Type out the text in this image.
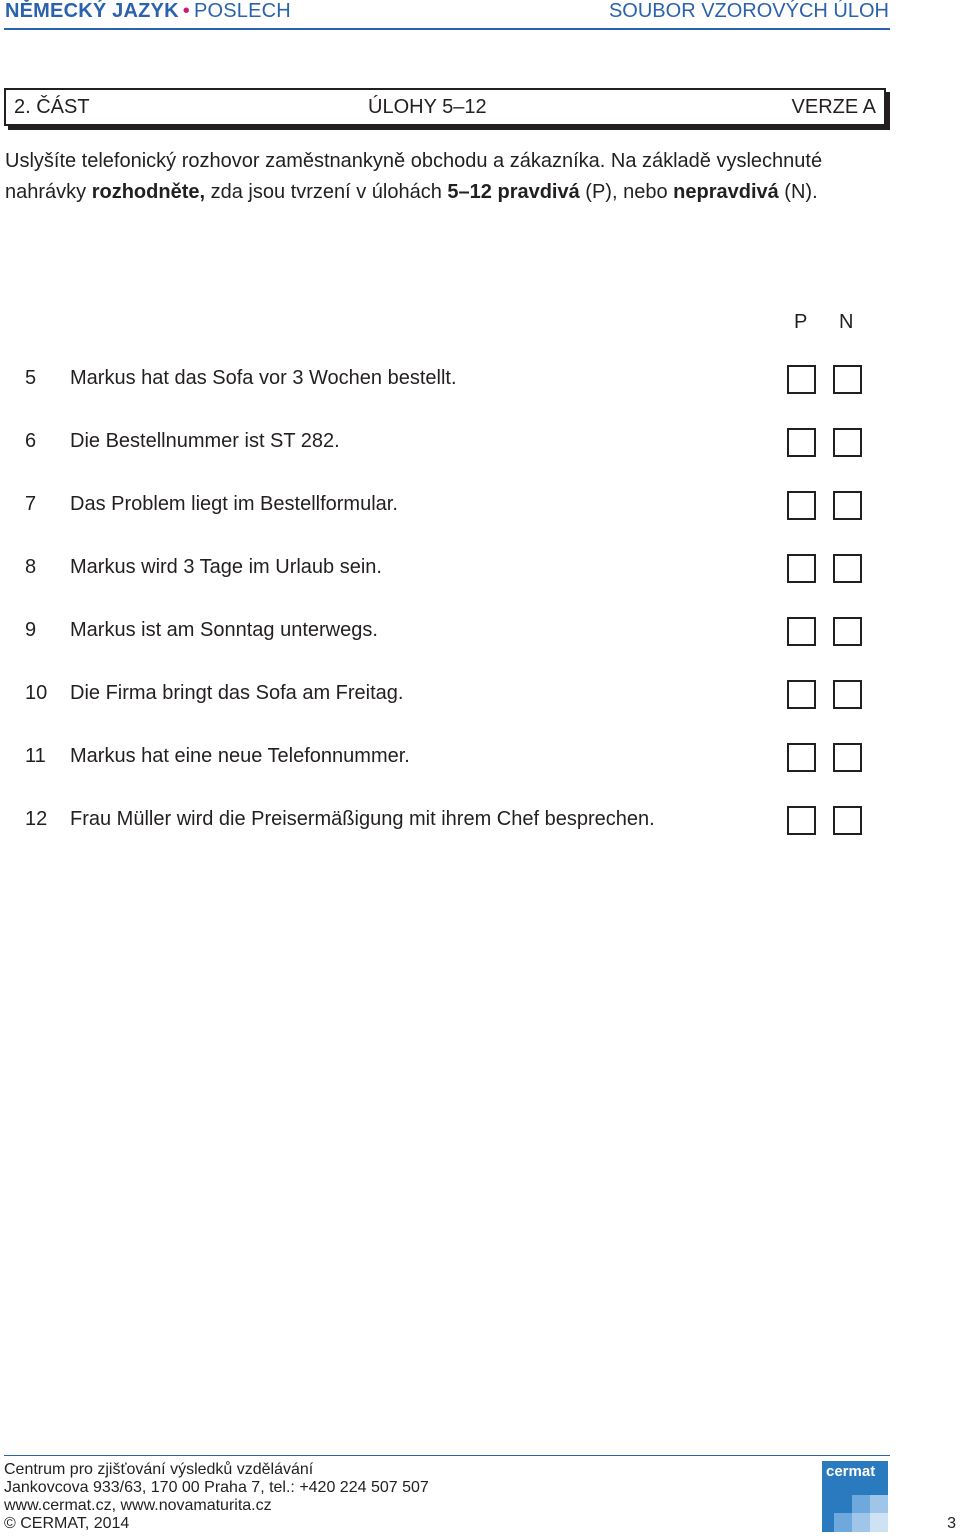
NĚMECKÝ JAZYK • POSLECH	SOUBOR VZOROVÝCH ÚLOH
2. ČÁST	ÚLOHY 5–12	VERZE A
Uslyšíte telefonický rozhovor zaměstnankyně obchodu a zákazníka. Na základě vyslechnuté nahrávky rozhodněte, zda jsou tvrzení v úlohách 5–12 pravdivá (P), nebo nepravdivá (N).
P N
5 Markus hat das Sofa vor 3 Wochen bestellt.
6 Die Bestellnummer ist ST 282.
7 Das Problem liegt im Bestellformular.
8 Markus wird 3 Tage im Urlaub sein.
9 Markus ist am Sonntag unterwegs.
10 Die Firma bringt das Sofa am Freitag.
11 Markus hat eine neue Telefonnummer.
12 Frau Müller wird die Preisermäßigung mit ihrem Chef besprechen.
Centrum pro zjišťování výsledků vzdělávání
Jankovcova 933/63, 170 00 Praha 7, tel.: +420 224 507 507
www.cermat.cz, www.novamaturita.cz
© CERMAT, 2014
cermat
3
